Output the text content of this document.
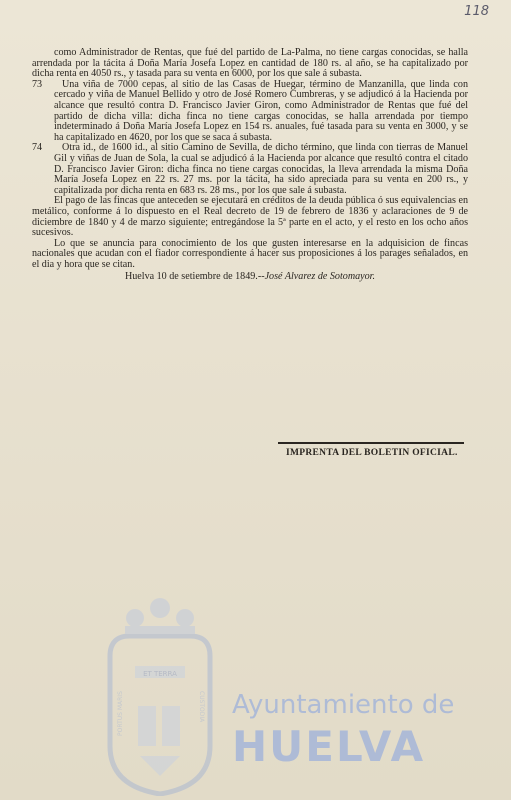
118

como Administrador de Rentas, que fué del partido de La-Palma, no tiene cargas conocidas, se halla arrendada por la tácita á Doña María Josefa Lopez en cantidad de 180 rs. al año, se ha capitalizado por dicha renta en 4050 rs., y tasada para su venta en 6000, por los que sale á subasta.

73	Una viña de 7000 cepas, al sitio de las Casas de Huegar, término de Manzanilla, que linda con cercado y viña de Manuel Bellido y otro de José Romero Cumbreras, y se adjudicó á la Hacienda por alcance que resultó contra D. Francisco Javier Giron, como Administrador de Rentas que fué del partido de dicha villa: dicha finca no tiene cargas conocidas, se halla arrendada por tiempo indeterminado á Doña María Josefa Lopez en 154 rs. anuales, fué tasada para su venta en 3000, y se ha capitalizado en 4620, por los que se saca á subasta.
74	Otra id., de 1600 id., al sitio Camino de Sevilla, de dicho término, que linda con tierras de Manuel Gil y viñas de Juan de Sola, la cual se adjudicó á la Hacienda por alcance que resultó contra el citado D. Francisco Javier Giron: dicha finca no tiene cargas conocidas, la lleva arrendada la misma Doña María Josefa Lopez en 22 rs. 27 ms. por la tácita, ha sido apreciada para su venta en 200 rs., y capitalizada por dicha renta en 683 rs. 28 ms., por los que sale á subasta.

El pago de las fincas que anteceden se ejecutará en créditos de la deuda pública ó sus equivalencias en metálico, conforme á lo dispuesto en el Real decreto de 19 de febrero de 1836 y aclaraciones de 9 de diciembre de 1840 y 4 de marzo siguiente; entregándose la 5ª parte en el acto, y el resto en los ocho años sucesivos.

Lo que se anuncia para conocimiento de los que gusten interesarse en la adquisicion de fincas nacionales que acudan con el fiador correspondiente á hacer sus proposiciones á los parages señalados, en el dia y hora que se citan.

Huelva 10 de setiembre de 1849.--José Alvarez de Sotomayor.
IMPRENTA DEL BOLETIN OFICIAL.
ET TERRA
PORTUS MARIS	CUSTODIA Ayuntamiento de
HUELVA
